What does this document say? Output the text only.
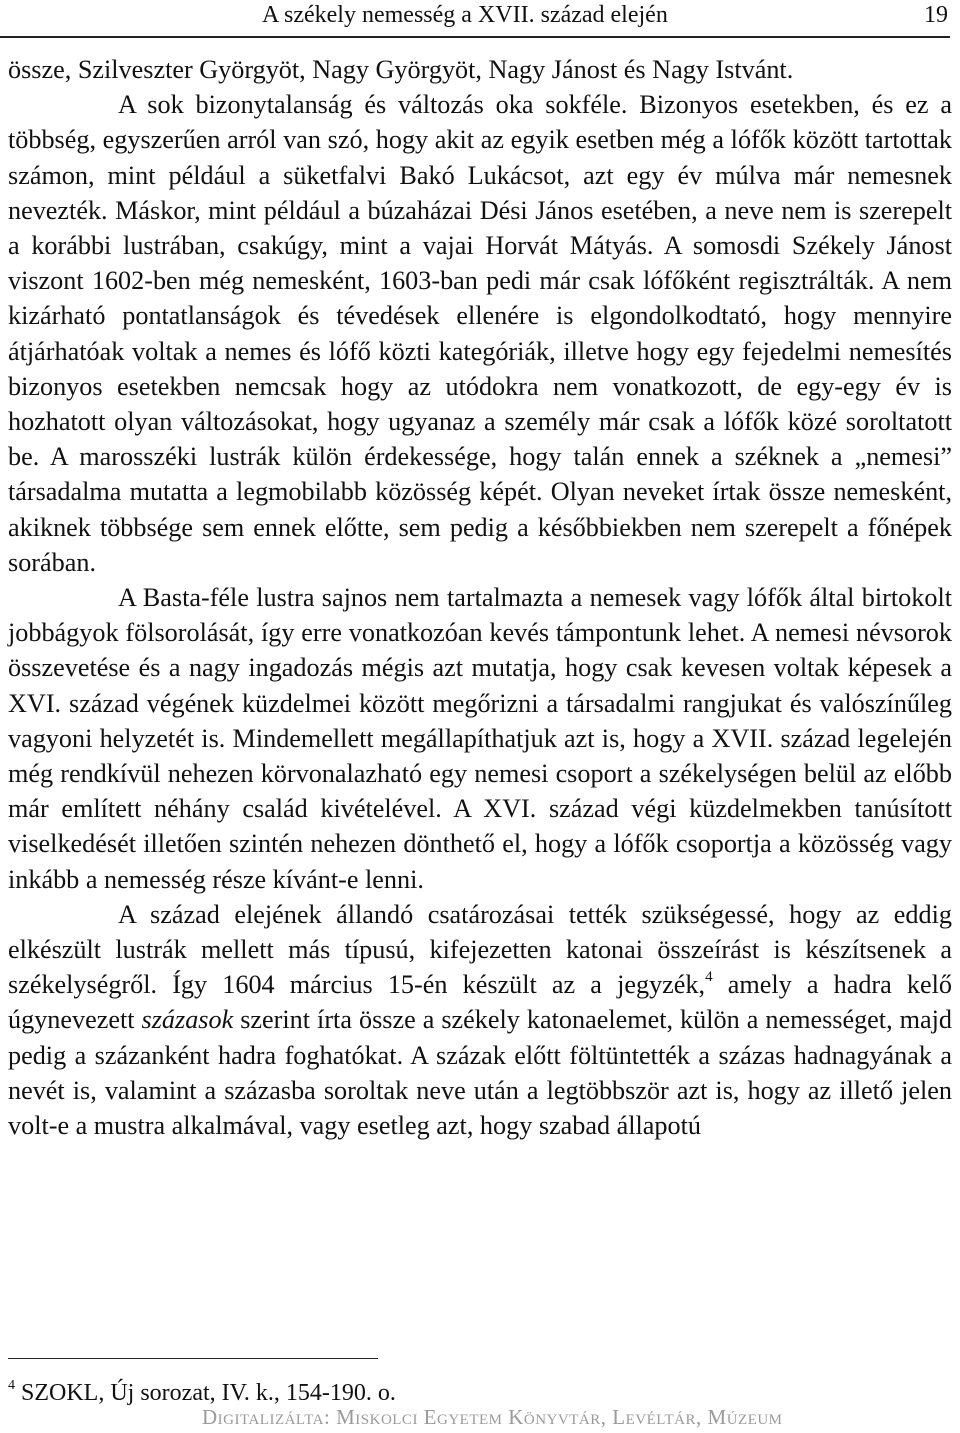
A székely nemesség a XVII. század elején	19

össze, Szilveszter Györgyöt, Nagy Györgyöt, Nagy Jánost és Nagy Istvánt.

A sok bizonytalanság és változás oka sokféle. Bizonyos esetekben, és ez a többség, egyszerűen arról van szó, hogy akit az egyik esetben még a lófők között tartottak számon, mint például a süketfalvi Bakó Lukácsot, azt egy év múlva már nemesnek nevezték. Máskor, mint például a búzaházai Dési János esetében, a neve nem is szerepelt a korábbi lustrában, csakúgy, mint a vajai Horvát Mátyás. A somosdi Székely Jánost viszont 1602-ben még nemesként, 1603-ban pedi már csak lófőként regisztrálták. A nem kizárható pontatlanságok és tévedések ellenére is elgondolkodtató, hogy mennyire átjárhatóak voltak a nemes és lófő közti kategóriák, illetve hogy egy fejedelmi nemesítés bizonyos esetekben nemcsak hogy az utódokra nem vonatkozott, de egy-egy év is hozhatott olyan változásokat, hogy ugyanaz a személy már csak a lófők közé soroltatott be. A marosszéki lustrák külön érdekessége, hogy talán ennek a széknek a „nemesi” társadalma mutatta a legmobilabb közösség képét. Olyan neveket írtak össze nemesként, akiknek többsége sem ennek előtte, sem pedig a későbbiekben nem szerepelt a főnépek sorában.

A Basta-féle lustra sajnos nem tartalmazta a nemesek vagy lófők által birtokolt jobbágyok fölsorolását, így erre vonatkozóan kevés támpontunk lehet. A nemesi névsorok összevetése és a nagy ingadozás mégis azt mutatja, hogy csak kevesen voltak képesek a XVI. század végének küzdelmei között megőrizni a társadalmi rangjukat és valószínűleg vagyoni helyzetét is. Mindemellett megállapíthatjuk azt is, hogy a XVII. század legelején még rendkívül nehezen körvonalazható egy nemesi csoport a székelységen belül az előbb már említett néhány család kivételével. A XVI. század végi küzdelmekben tanúsított viselkedését illetően szintén nehezen dönthető el, hogy a lófők csoportja a közösség vagy inkább a nemesség része kívánt-e lenni.

A század elejének állandó csatározásai tették szükségessé, hogy az eddig elkészült lustrák mellett más típusú, kifejezetten katonai összeírást is készítsenek a székelységről. Így 1604 március 15-én készült az a jegyzék,$^4$ amely a hadra kelő úgynevezett százasok szerint írta össze a székely katonaelemet, külön a nemességet, majd pedig a százanként hadra foghatókat. A százak előtt föltüntették a százas hadnagyának a nevét is, valamint a százasba soroltak neve után a legtöbbször azt is, hogy az illető jelen volt-e a mustra alkalmával, vagy esetleg azt, hogy szabad állapotú

$^4$ SZOKL, Új sorozat, IV. k., 154-190. o.
Digitalizálta: Miskolci Egyetem Könyvtár, Levéltár, Múzeum
